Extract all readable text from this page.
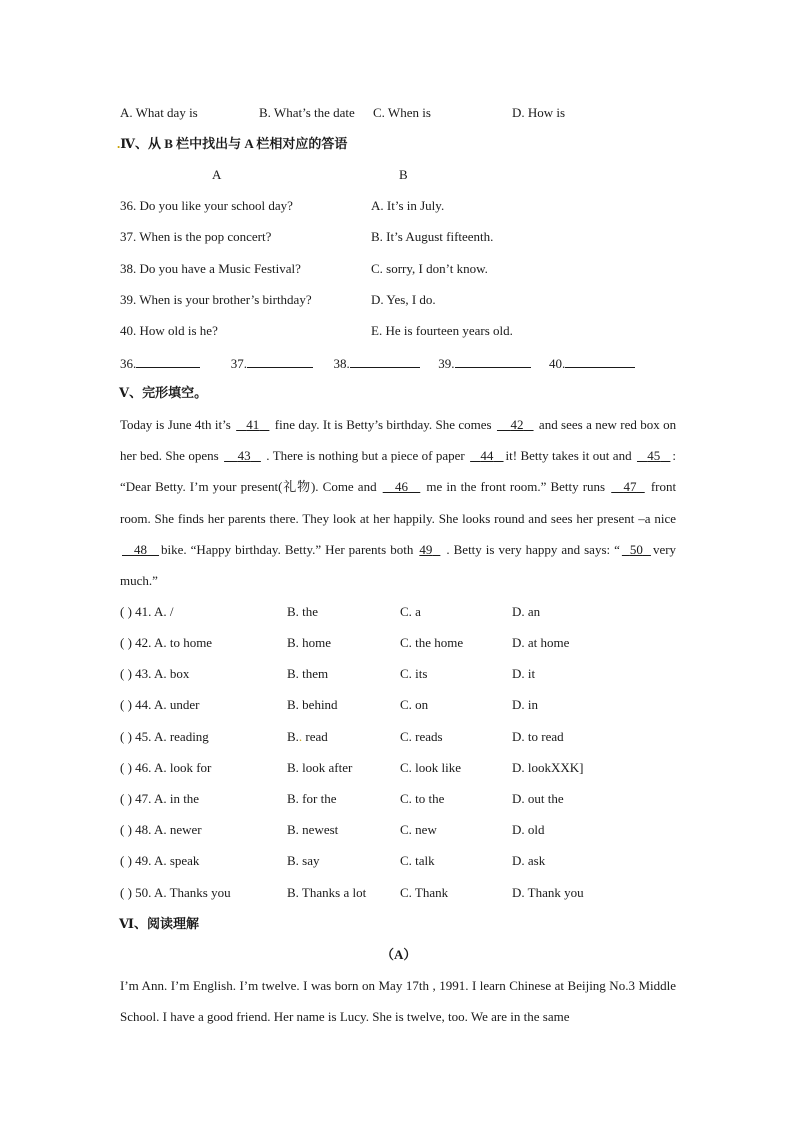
A. What day is	B. What’s the date C. When is	D. How is
.Ⅳ、从 B 栏中找出与 A 栏相对应的答语
A	B
36. Do you like your school day?	A. It’s in July.
37. When is the pop concert?	B. It’s August fifteenth.
38. Do you have a Music Festival?	C. sorry, I don’t know.
39. When is your brother’s birthday?	D. Yes, I do.
40. How old is he?	E. He is fourteen years old.
36.	37.	38.	39.	40.
Ⅴ、完形填空。
Today is June 4th it’s 41 fine day. It is Betty’s birthday. She comes 42 and sees a new red box on her bed. She opens 43 . There is nothing but a piece of paper 44 it! Betty takes it out and 45 : “Dear Betty. I’m your present(礼物). Come and 46 me in the front room.” Betty runs 47 front room. She finds her parents there. They look at her happily. She looks round and sees her present –a nice    48 bike. “Happy birthday. Betty.” Her parents both 49 . Betty is very happy and says: “ 50 very much.”
( ) 41. A. /	B. the	C. a	D. an
( ) 42. A. to home	B. home	C. the home	D. at home
( ) 43. A. box	B. them	C. its	D. it
( ) 44. A. under	B. behind	C. on	D. in
( ) 45. A. reading	B.. read	C. reads	D. to read
( ) 46. A. look for	B. look after	C. look like	D. lookXXK]
( ) 47. A. in the	B. for the	C. to the	D. out the
( ) 48. A. newer	B. newest	C. new	D. old
( ) 49. A. speak	B. say	C. talk	D. ask
( ) 50. A. Thanks you	B. Thanks a lot	C. Thank	D. Thank you
Ⅵ、阅读理解
（A）
I’m Ann. I’m English. I’m twelve. I was born on May 17th , 1991. I learn Chinese at Beijing No.3 Middle School. I have a good friend. Her name is Lucy. She is twelve, too. We are in the same
